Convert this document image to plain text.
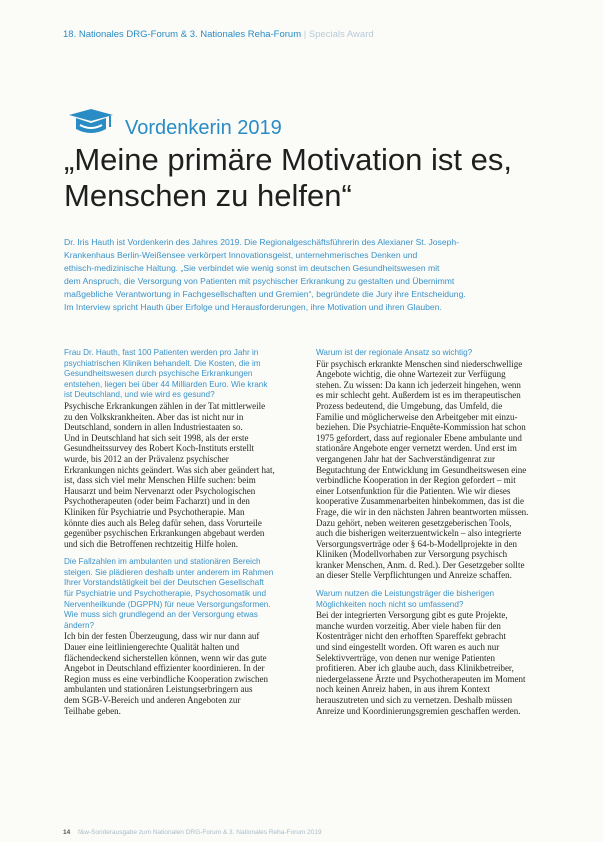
18. Nationales DRG-Forum & 3. Nationales Reha-Forum | Specials Award
Vordenkerin 2019
„Meine primäre Motivation ist es,
Menschen zu helfen“
Dr. Iris Hauth ist Vordenkerin des Jahres 2019. Die Regionalgeschäftsführerin des Alexianer St. Joseph-
Krankenhaus Berlin-Weißensee verkörpert Innovationsgeist, unternehmerisches Denken und
ethisch-medizinische Haltung. „Sie verbindet wie wenig sonst im deutschen Gesundheitswesen mit
dem Anspruch, die Versorgung von Patienten mit psychischer Erkrankung zu gestalten und Übernimmt
maßgebliche Verantwortung in Fachgesellschaften und Gremien“, begründete die Jury ihre Entscheidung.
Im Interview spricht Hauth über Erfolge und Herausforderungen, ihre Motivation und ihren Glauben.
Frau Dr. Hauth, fast 100 Patienten werden pro Jahr in
psychiatrischen Kliniken behandelt. Die Kosten, die im
Gesundheitswesen durch psychische Erkrankungen
entstehen, liegen bei über 44 Milliarden Euro. Wie krank
ist Deutschland, und wie wird es gesund?
Psychische Erkrankungen zählen in der Tat mittlerweile
zu den Volkskrankheiten. Aber das ist nicht nur in
Deutschland, sondern in allen Industriestaaten so.
Und in Deutschland hat sich seit 1998, als der erste
Gesundheitssurvey des Robert Koch-Instituts erstellt
wurde, bis 2012 an der Prävalenz psychischer
Erkrankungen nichts geändert. Was sich aber geändert hat,
ist, dass sich viel mehr Menschen Hilfe suchen: beim
Hausarzt und beim Nervenarzt oder Psychologischen
Psychotherapeuten (oder beim Facharzt) und in den
Kliniken für Psychiatrie und Psychotherapie. Man
könnte dies auch als Beleg dafür sehen, dass Vorurteile
gegenüber psychischen Erkrankungen abgebaut werden
und sich die Betroffenen rechtzeitig Hilfe holen.
Die Fallzahlen im ambulanten und stationären Bereich
steigen. Sie plädieren deshalb unter anderem im Rahmen
Ihrer Vorstandstätigkeit bei der Deutschen Gesellschaft
für Psychiatrie und Psychotherapie, Psychosomatik und
Nervenheilkunde (DGPPN) für neue Versorgungsformen.
Wie muss sich grundlegend an der Versorgung etwas
ändern?
Ich bin der festen Überzeugung, dass wir nur dann auf
Dauer eine leitliniengerechte Qualität halten und
flächendeckend sicherstellen können, wenn wir das gute
Angebot in Deutschland effizienter koordinieren. In der
Region muss es eine verbindliche Kooperation zwischen
ambulanten und stationären Leistungserbringern aus
dem SGB-V-Bereich und anderen Angeboten zur
Teilhabe geben.
Warum ist der regionale Ansatz so wichtig?
Für psychisch erkrankte Menschen sind niederschwellige
Angebote wichtig, die ohne Wartezeit zur Verfügung
stehen. Zu wissen: Da kann ich jederzeit hingehen, wenn
es mir schlecht geht. Außerdem ist es im therapeutischen
Prozess bedeutend, die Umgebung, das Umfeld, die
Familie und möglicherweise den Arbeitgeber mit einzu-
beziehen. Die Psychiatrie-Enquête-Kommission hat schon
1975 gefordert, dass auf regionaler Ebene ambulante und
stationäre Angebote enger vernetzt werden. Und erst im
vergangenen Jahr hat der Sachverständigenrat zur
Begutachtung der Entwicklung im Gesundheitswesen eine
verbindliche Kooperation in der Region gefordert – mit
einer Lotsenfunktion für die Patienten. Wie wir dieses
kooperative Zusammenarbeiten hinbekommen, das ist die
Frage, die wir in den nächsten Jahren beantworten müssen.
Dazu gehört, neben weiteren gesetzgeberischen Tools,
auch die bisherigen weiterzuentwickeln – also integrierte
Versorgungsverträge oder § 64-b-Modellprojekte in den
Kliniken (Modellvorhaben zur Versorgung psychisch
kranker Menschen, Anm. d. Red.). Der Gesetzgeber sollte
an dieser Stelle Verpflichtungen und Anreize schaffen.
Warum nutzen die Leistungsträger die bisherigen
Möglichkeiten noch nicht so umfassend?
Bei der integrierten Versorgung gibt es gute Projekte,
manche wurden vorzeitig. Aber viele haben für den
Kostenträger nicht den erhofften Spareffekt gebracht
und sind eingestellt worden. Oft waren es auch nur
Selektivverträge, von denen nur wenige Patienten
profitieren. Aber ich glaube auch, dass Klinikbetreiber,
niedergelassene Ärzte und Psychotherapeuten im Moment
noch keinen Anreiz haben, in aus ihrem Kontext
herauszutreten und sich zu vernetzen. Deshalb müssen
Anreize und Koordinierungsgremien geschaffen werden.
14 f&w-Sonderausgabe zum Nationalen DRG-Forum & 3. Nationales Reha-Forum 2019
